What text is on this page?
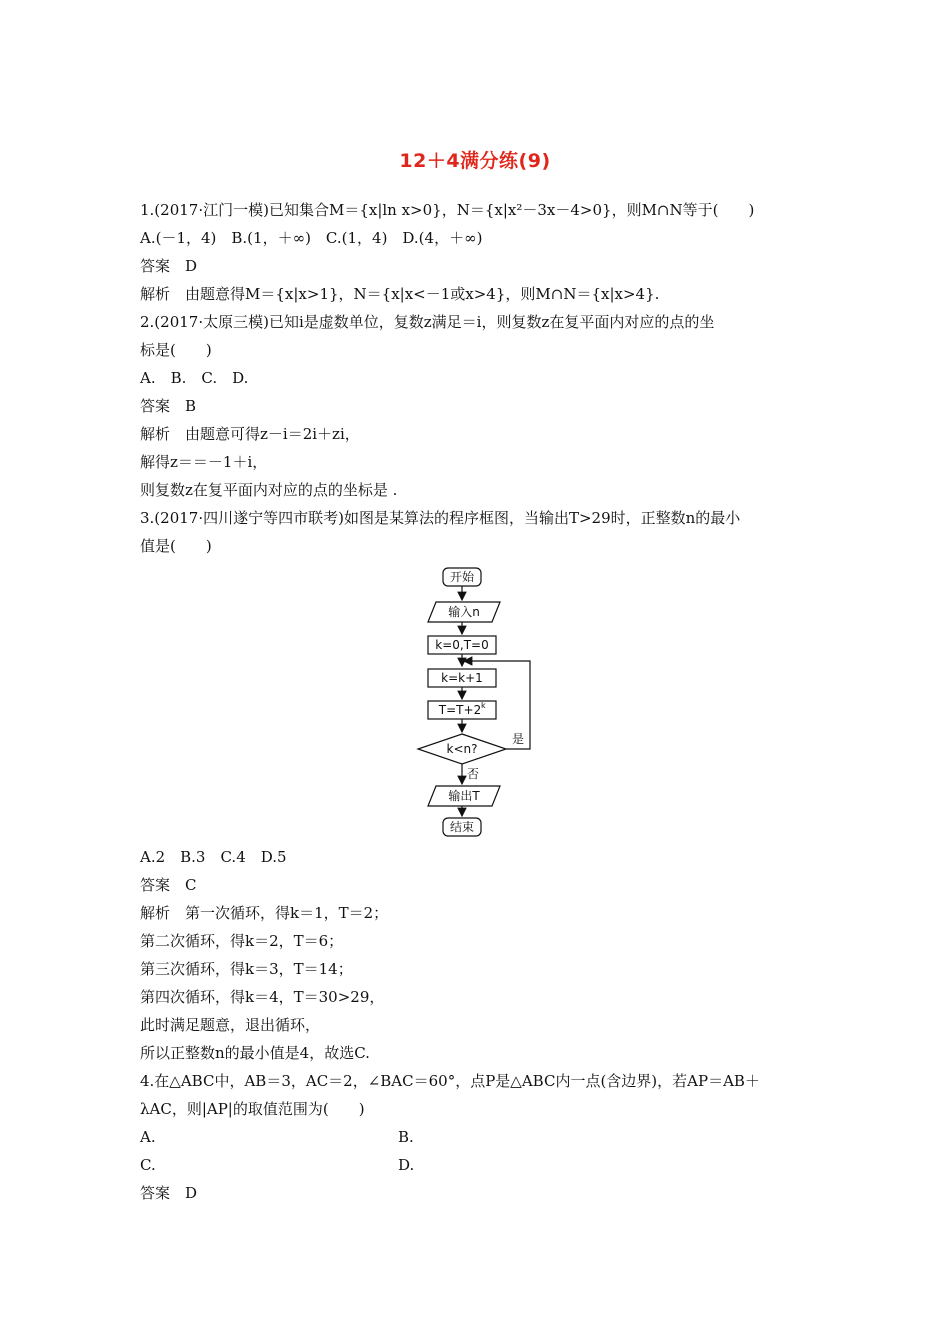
12＋4满分练(9)
1.(2017·江门一模)已知集合M＝{x|ln x>0}，N＝{x|x²－3x－4>0}，则M∩N等于(　　)
A.(－1，4)　B.(1，＋∞)　C.(1，4)　D.(4，＋∞)
答案　D
解析　由题意得M＝{x|x>1}，N＝{x|x<－1或x>4}，则M∩N＝{x|x>4}.
2.(2017·太原三模)已知i是虚数单位，复数z满足＝i，则复数z在复平面内对应的点的坐
标是(　　)
A.　B.　C.　D.
答案　B
解析　由题意可得z－i＝2i＋zi，
解得z＝＝－1＋i，
则复数z在复平面内对应的点的坐标是 .
3.(2017·四川遂宁等四市联考)如图是某算法的程序框图，当输出T>29时，正整数n的最小
值是(　　)
开始
输入n
k=0,T=0
k=k+1
T=T+2 k
k<n?
是
否
输出T
结束
A.2　B.3　C.4　D.5
答案　C
解析　第一次循环，得k＝1，T＝2；
第二次循环，得k＝2，T＝6；
第三次循环，得k＝3，T＝14；
第四次循环，得k＝4，T＝30>29，
此时满足题意，退出循环，
所以正整数n的最小值是4，故选C.
4.在△ABC中，AB＝3，AC＝2，∠BAC＝60°，点P是△ABC内一点(含边界)，若AP＝AB＋
λAC，则|AP|的取值范围为(　　)
A.	B.
C.	D.
答案　D
